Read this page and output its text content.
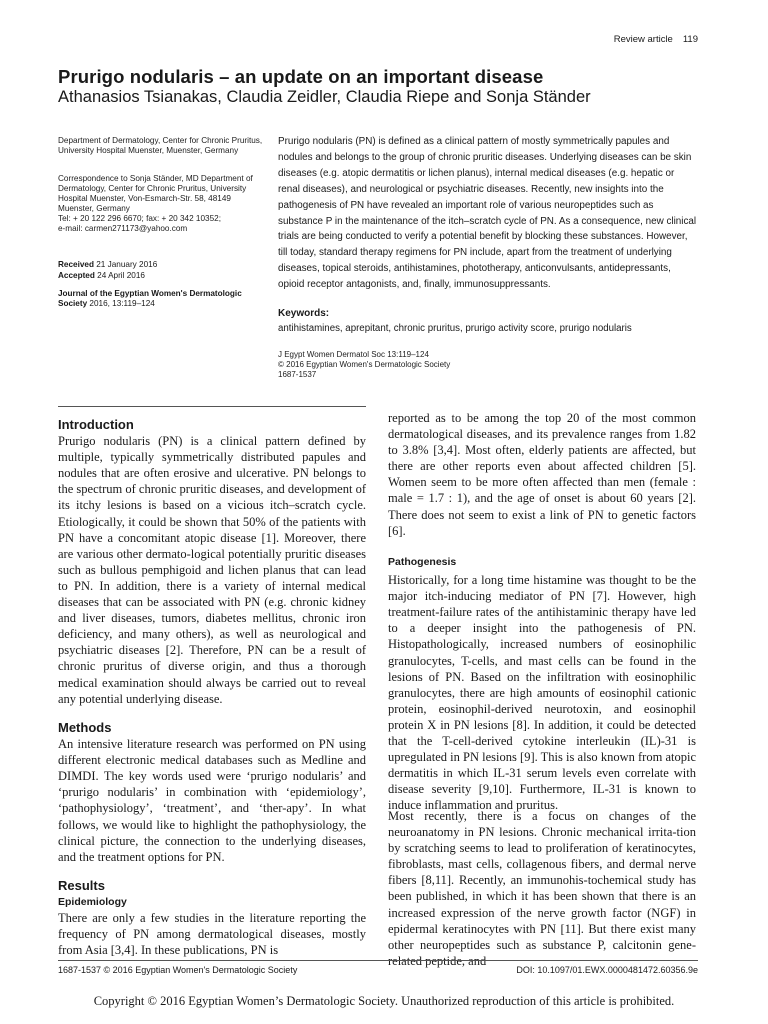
Review article 119
Prurigo nodularis – an update on an important disease
Athanasios Tsianakas, Claudia Zeidler, Claudia Riepe and Sonja Ständer
Department of Dermatology, Center for Chronic Pruritus, University Hospital Muenster, Muenster, Germany
Correspondence to Sonja Ständer, MD Department of Dermatology, Center for Chronic Pruritus, University Hospital Muenster, Von-Esmarch-Str. 58, 48149 Muenster, Germany
Tel: + 20 122 296 6670; fax: + 20 342 10352;
e-mail: carmen271173@yahoo.com
Received 21 January 2016
Accepted 24 April 2016
Journal of the Egyptian Women's Dermatologic Society 2016, 13:119–124
Prurigo nodularis (PN) is defined as a clinical pattern of mostly symmetrically papules and nodules and belongs to the group of chronic pruritic diseases. Underlying diseases can be skin diseases (e.g. atopic dermatitis or lichen planus), internal medical diseases (e.g. hepatic or renal diseases), and neurological or psychiatric diseases. Recently, new insights into the pathogenesis of PN have revealed an important role of various neuropeptides such as substance P in the maintenance of the itch–scratch cycle of PN. As a consequence, new clinical trials are being conducted to verify a potential benefit by blocking these substances. However, till today, standard therapy regimens for PN include, apart from the treatment of underlying diseases, topical steroids, antihistamines, phototherapy, anticonvulsants, antidepressants, opioid receptor antagonists, and, finally, immunosuppressants.
Keywords:
antihistamines, aprepitant, chronic pruritus, prurigo activity score, prurigo nodularis
J Egypt Women Dermatol Soc 13:119–124
© 2016 Egyptian Women's Dermatologic Society
1687-1537
Introduction

Prurigo nodularis (PN) is a clinical pattern defined by multiple, typically symmetrically distributed papules and nodules that are often erosive and ulcerative. PN belongs to the spectrum of chronic pruritic diseases, and development of its itchy lesions is based on a vicious itch–scratch cycle. Etiologically, it could be shown that 50% of the patients with PN have a concomitant atopic disease [1]. Moreover, there are various other dermato-logical potentially pruritic diseases such as bullous pemphigoid and lichen planus that can lead to PN. In addition, there is a variety of internal medical diseases that can be associated with PN (e.g. chronic kidney and liver diseases, tumors, diabetes mellitus, chronic iron deficiency, and many others), as well as neurological and psychiatric diseases [2]. Therefore, PN can be a result of chronic pruritus of diverse origin, and thus a thorough medical examination should always be carried out to reveal any potential underlying disease.

Methods

An intensive literature research was performed on PN using different electronic medical databases such as Medline and DIMDI. The key words used were ‘prurigo nodularis’ and ‘prurigo nodularis’ in combination with ‘epidemiology’, ‘pathophysiology’, ‘treatment’, and ‘ther-apy’. In what follows, we would like to highlight the pathophysiology, the clinical picture, the connection to the underlying diseases, and the treatment options for PN.

Results
Epidemiology

There are only a few studies in the literature reporting the frequency of PN among dermatological diseases, mostly from Asia [3,4]. In these publications, PN is

reported as to be among the top 20 of the most common dermatological diseases, and its prevalence ranges from 1.82 to 3.8% [3,4]. Most often, elderly patients are affected, but there are other reports even about affected children [5]. Women seem to be more often affected than men (female : male = 1.7 : 1), and the age of onset is about 60 years [2]. There does not seem to exist a link of PN to genetic factors [6].
Pathogenesis

Historically, for a long time histamine was thought to be the major itch-inducing mediator of PN [7]. However, high treatment-failure rates of the antihistaminic therapy have led to a deeper insight into the pathogenesis of PN. Histopathologically, increased numbers of eosinophilic granulocytes, T-cells, and mast cells can be found in the lesions of PN. Based on the infiltration with eosinophilic granulocytes, there are high amounts of eosinophil cationic protein, eosinophil-derived neurotoxin, and eosinophil protein X in PN lesions [8]. In addition, it could be detected that the T-cell-derived cytokine interleukin (IL)-31 is upregulated in PN lesions [9]. This is also known from atopic dermatitis in which IL-31 serum levels even correlate with disease severity [9,10]. Furthermore, IL-31 is known to induce inflammation and pruritus.

Most recently, there is a focus on changes of the neuroanatomy in PN lesions. Chronic mechanical irrita-tion by scratching seems to lead to proliferation of keratinocytes, fibroblasts, mast cells, collagenous fibers, and dermal nerve fibers [8,11]. Recently, an immunohis-tochemical study has been published, in which it has been shown that there is an increased expression of the nerve growth factor (NGF) in epidermal keratinocytes with PN [11]. But there exist many other neuropeptides such as substance P, calcitonin gene-related peptide, and
1687-1537 © 2016 Egyptian Women's Dermatologic Society	DOI: 10.1097/01.EWX.0000481472.60356.9e
Copyright © 2016 Egyptian Women’s Dermatologic Society. Unauthorized reproduction of this article is prohibited.
